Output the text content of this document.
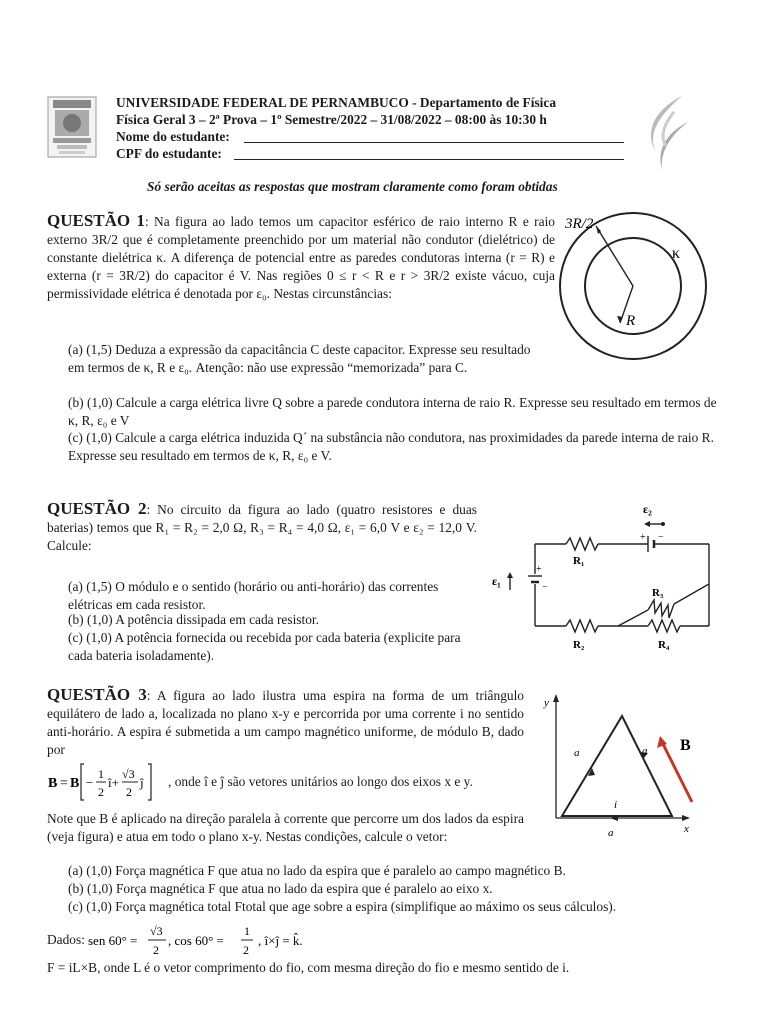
UNIVERSIDADE FEDERAL DE PERNAMBUCO - Departamento de Física
Física Geral 3 – 2ª Prova – 1º Semestre/2022 – 31/08/2022 – 08:00 às 10:30 h
Nome do estudante:
CPF do estudante:
Só serão aceitas as respostas que mostram claramente como foram obtidas
QUESTÃO 1: Na figura ao lado temos um capacitor esférico de raio interno R e raio externo 3R/2 que é completamente preenchido por um material não condutor (dielétrico) de constante dielétrica κ. A diferença de potencial entre as paredes condutoras interna (r = R) e externa (r = 3R/2) do capacitor é V. Nas regiões 0 ≤ r < R e r > 3R/2 existe vácuo, cuja permissividade elétrica é denotada por ε₀. Nestas circunstâncias:
3R/2
R
κ
(a) (1,5) Deduza a expressão da capacitância C deste capacitor. Expresse seu resultado em termos de κ, R e ε₀. Atenção: não use expressão “memorizada” para C.
(b) (1,0) Calcule a carga elétrica livre Q sobre a parede condutora interna de raio R. Expresse seu resultado em termos de κ, R, ε₀ e V
(c) (1,0) Calcule a carga elétrica induzida Q´ na substância não condutora, nas proximidades da parede interna de raio R. Expresse seu resultado em termos de κ, R, ε₀ e V.
QUESTÃO 2: No circuito da figura ao lado (quatro resistores e duas baterias) temos que R₁ = R₂ = 2,0 Ω, R₃ = R₄ = 4,0 Ω, ε₁ = 6,0 V e ε₂ = 12,0 V. Calcule:
(a) (1,5) O módulo e o sentido (horário ou anti-horário) das correntes elétricas em cada resistor.
(b) (1,0) A potência dissipada em cada resistor.
(c) (1,0) A potência fornecida ou recebida por cada bateria (explicite para cada bateria isoladamente).
ε₂
ε₁
+ −
+
−
R₁
R₂
R₃
R₄
QUESTÃO 3: A figura ao lado ilustra uma espira na forma de um triângulo equilátero de lado a, localizada no plano x-y e percorrida por uma corrente i no sentido anti-horário. A espira é submetida a um campo magnético uniforme, de módulo B, dado por
B = B −
1
2
î+
√3
2
ĵ , onde î e ĵ são vetores unitários ao longo dos eixos x e y.
Note que B é aplicado na direção paralela à corrente que percorre um dos lados da espira (veja figura) e atua em todo o plano x-y. Nestas condições, calcule o vetor:
y
x
a	a
a
i
B
(a) (1,0) Força magnética F que atua no lado da espira que é paralelo ao campo magnético B.
(b) (1,0) Força magnética F que atua no lado da espira que é paralelo ao eixo x.
(c) (1,0) Força magnética total Ftotal que age sobre a espira (simplifique ao máximo os seus cálculos).
Dados: sen 60° =
√3
2
, cos 60° =
1
2
, î×ĵ = k̂.
F = iL×B, onde L é o vetor comprimento do fio, com mesma direção do fio e mesmo sentido de i.
